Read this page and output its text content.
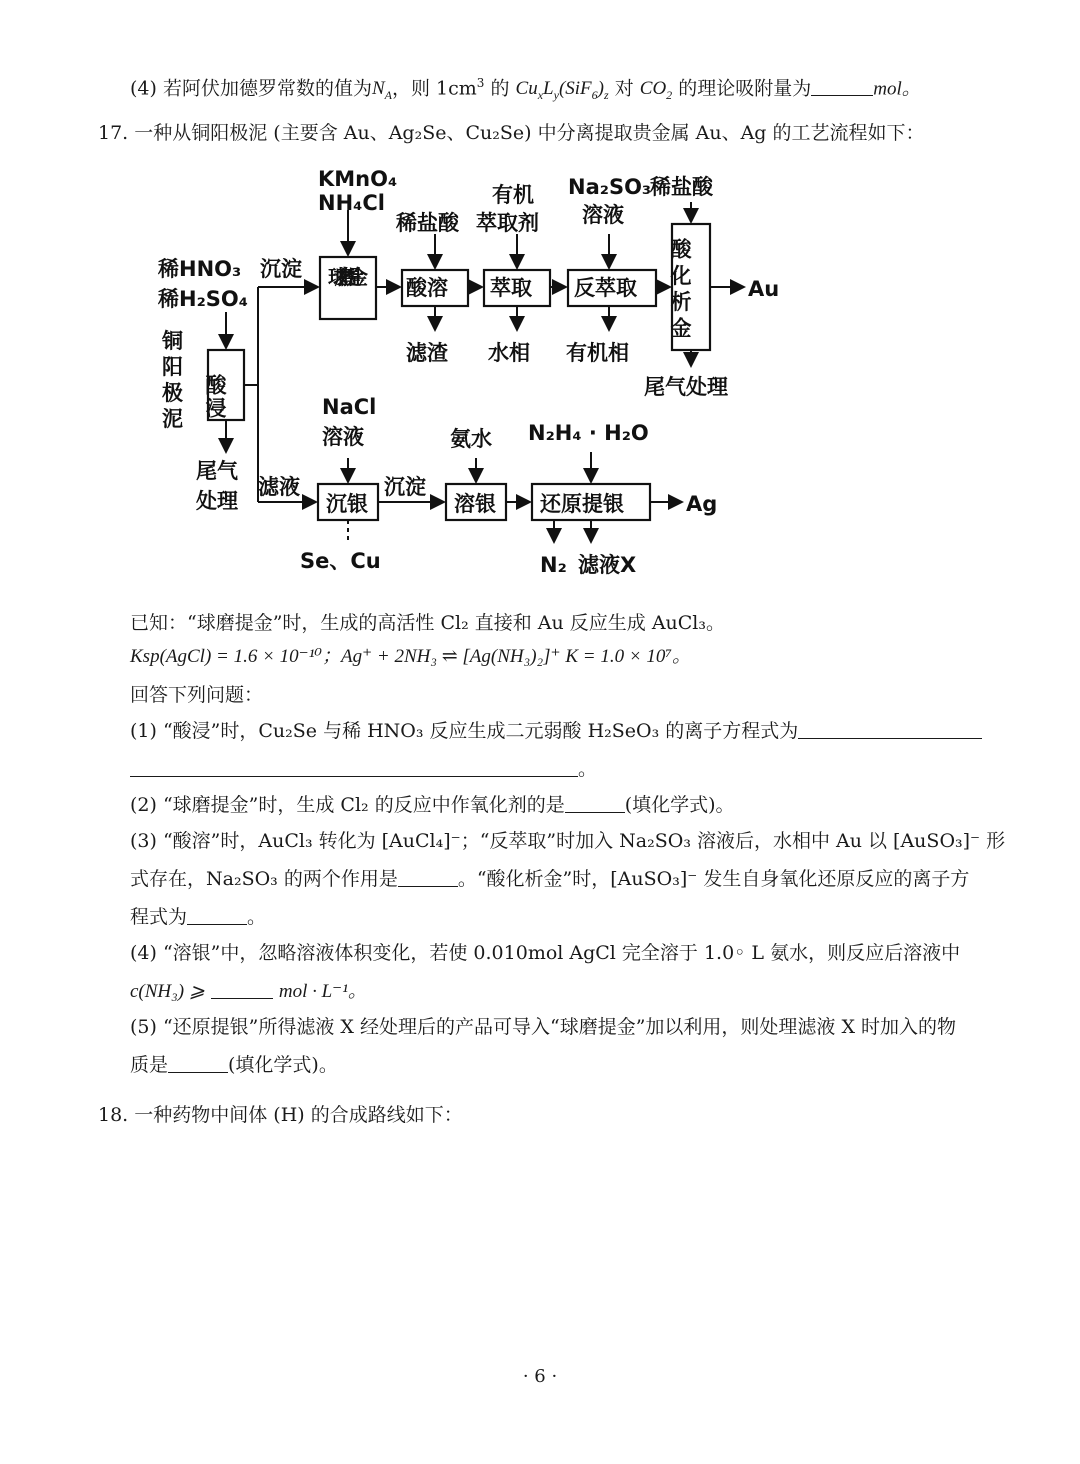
(4) 若阿伏加德罗常数的值为$N_A$，则 $1cm^3$ 的 $Cu_xL_y(SiF_6)_z$ 对 $CO_2$ 的理论吸附量为	mol。
17. 一种从铜阳极泥 (主要含 Au、Ag₂Se、Cu₂Se) 中分离提取贵金属 Au、Ag 的工艺流程如下：
KMnO₄
NH₄Cl
稀盐酸
有机
萃取剂
Na₂SO₃
溶液
稀盐酸
稀HNO₃
稀H₂SO₄
沉淀
铜
阳
极
泥
球磨提金 酸溶 萃取 反萃取
滤渣 水相 有机相
尾气处理
Au
尾气
处理
滤液
NaCl
溶液	氨水 N₂H₄ · H₂O
沉银	溶银 还原提银
沉淀
Se、Cu	N₂ 滤液X
Ag
酸浸
酸化析金
已知：“球磨提金”时，生成的高活性 Cl₂ 直接和 Au 反应生成 AuCl₃。
Ksp(AgCl) = 1.6 × 10⁻¹⁰；Ag⁺ + 2NH₃ ⇌ [Ag(NH₃)₂]⁺ K = 1.0 × 10⁷。
回答下列问题：
(1) “酸浸”时，Cu₂Se 与稀 HNO₃ 反应生成二元弱酸 H₂SeO₃ 的离子方程式为
。
(2) “球磨提金”时，生成 Cl₂ 的反应中作氧化剂的是	(填化学式)。
(3) “酸溶”时，AuCl₃ 转化为 [AuCl₄]⁻；“反萃取”时加入 Na₂SO₃ 溶液后，水相中 Au 以 [AuSO₃]⁻ 形
式存在，Na₂SO₃ 的两个作用是	。“酸化析金”时，[AuSO₃]⁻ 发生自身氧化还原反应的离子方
程式为	。
(4) “溶银”中，忽略溶液体积变化，若使 0.010mol AgCl 完全溶于 1.0◦ L 氨水，则反应后溶液中
c(NH₃) ⩾	mol · L⁻¹。
(5) “还原提银”所得滤液 X 经处理后的产品可导入“球磨提金”加以利用，则处理滤液 X 时加入的物
质是	(填化学式)。
18. 一种药物中间体 (H) 的合成路线如下：
· 6 ·
